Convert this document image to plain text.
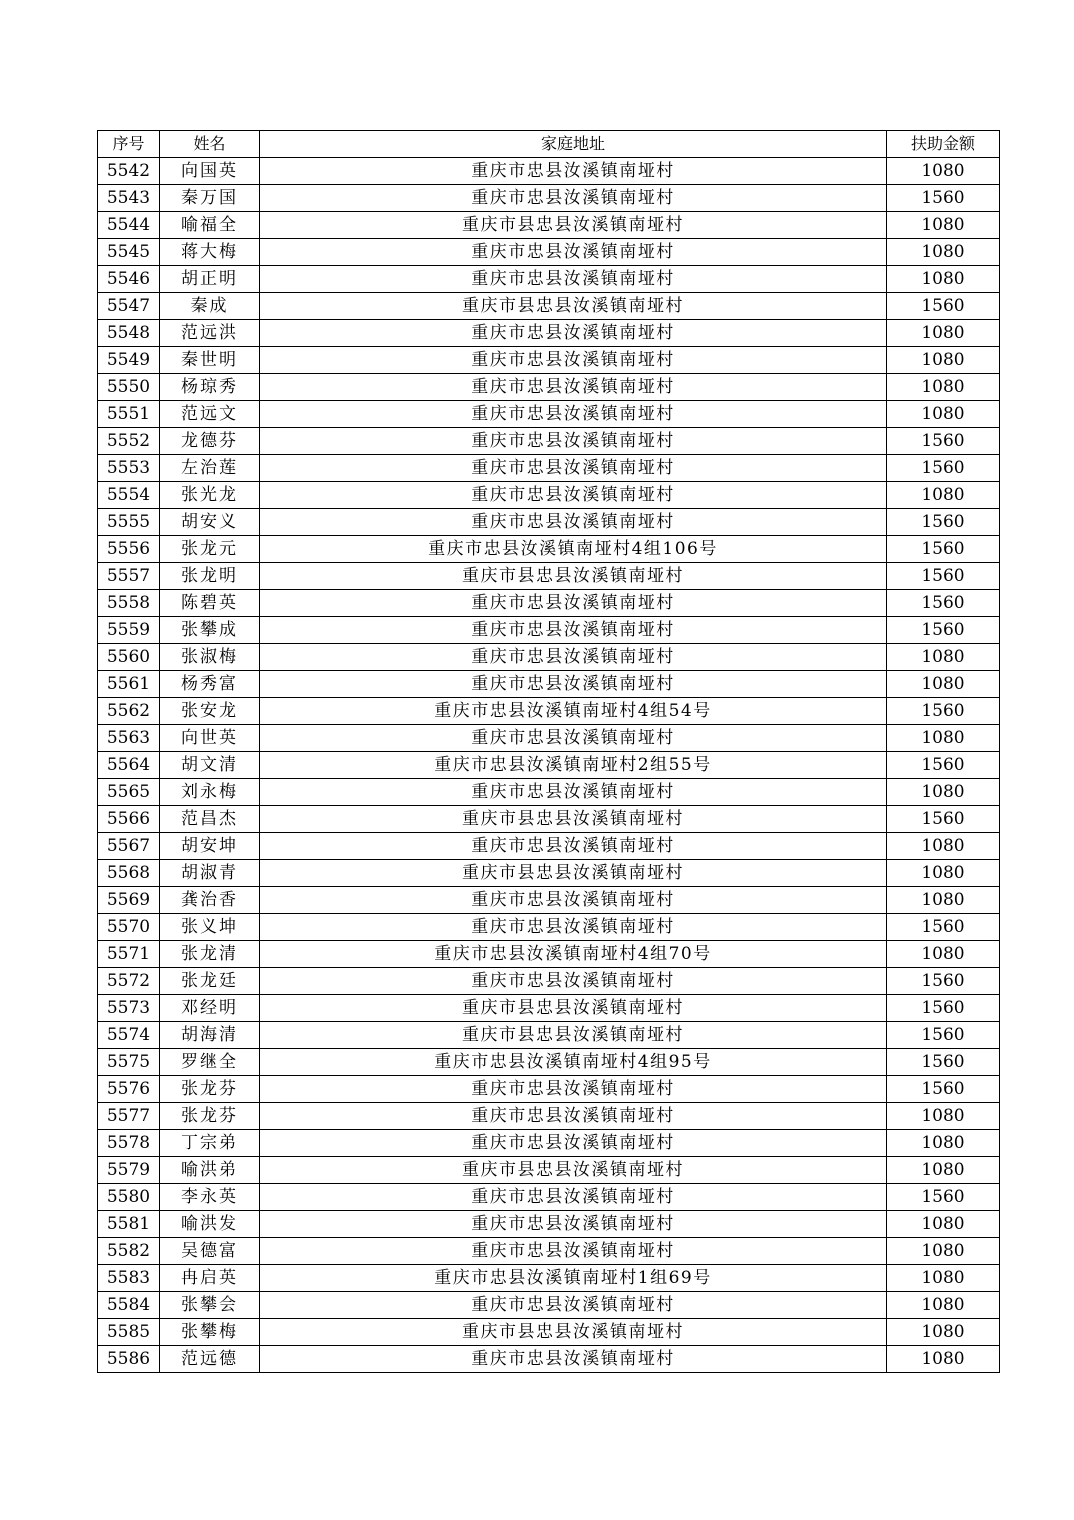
序号	姓名	家庭地址	扶助金额
5542	向国英	重庆市忠县汝溪镇南垭村	1080
5543	秦万国	重庆市忠县汝溪镇南垭村	1560
5544	喻福全	重庆市县忠县汝溪镇南垭村	1080
5545	蒋大梅	重庆市忠县汝溪镇南垭村	1080
5546	胡正明	重庆市忠县汝溪镇南垭村	1080
5547	秦成	重庆市县忠县汝溪镇南垭村	1560
5548	范远洪	重庆市忠县汝溪镇南垭村	1080
5549	秦世明	重庆市忠县汝溪镇南垭村	1080
5550	杨琼秀	重庆市忠县汝溪镇南垭村	1080
5551	范远文	重庆市忠县汝溪镇南垭村	1080
5552	龙德芬	重庆市忠县汝溪镇南垭村	1560
5553	左治莲	重庆市忠县汝溪镇南垭村	1560
5554	张光龙	重庆市忠县汝溪镇南垭村	1080
5555	胡安义	重庆市忠县汝溪镇南垭村	1560
5556	张龙元	重庆市忠县汝溪镇南垭村4组106号	1560
5557	张龙明	重庆市县忠县汝溪镇南垭村	1560
5558	陈碧英	重庆市忠县汝溪镇南垭村	1560
5559	张攀成	重庆市忠县汝溪镇南垭村	1560
5560	张淑梅	重庆市忠县汝溪镇南垭村	1080
5561	杨秀富	重庆市忠县汝溪镇南垭村	1080
5562	张安龙	重庆市忠县汝溪镇南垭村4组54号	1560
5563	向世英	重庆市忠县汝溪镇南垭村	1080
5564	胡文清	重庆市忠县汝溪镇南垭村2组55号	1560
5565	刘永梅	重庆市忠县汝溪镇南垭村	1080
5566	范昌杰	重庆市县忠县汝溪镇南垭村	1560
5567	胡安坤	重庆市忠县汝溪镇南垭村	1080
5568	胡淑青	重庆市县忠县汝溪镇南垭村	1080
5569	龚治香	重庆市忠县汝溪镇南垭村	1080
5570	张义坤	重庆市忠县汝溪镇南垭村	1560
5571	张龙清	重庆市忠县汝溪镇南垭村4组70号	1080
5572	张龙廷	重庆市忠县汝溪镇南垭村	1560
5573	邓经明	重庆市县忠县汝溪镇南垭村	1560
5574	胡海清	重庆市县忠县汝溪镇南垭村	1560
5575	罗继全	重庆市忠县汝溪镇南垭村4组95号	1560
5576	张龙芬	重庆市忠县汝溪镇南垭村	1560
5577	张龙芬	重庆市忠县汝溪镇南垭村	1080
5578	丁宗弟	重庆市忠县汝溪镇南垭村	1080
5579	喻洪弟	重庆市县忠县汝溪镇南垭村	1080
5580	李永英	重庆市忠县汝溪镇南垭村	1560
5581	喻洪发	重庆市忠县汝溪镇南垭村	1080
5582	吴德富	重庆市忠县汝溪镇南垭村	1080
5583	冉启英	重庆市忠县汝溪镇南垭村1组69号	1080
5584	张攀会	重庆市忠县汝溪镇南垭村	1080
5585	张攀梅	重庆市县忠县汝溪镇南垭村	1080
5586	范远德	重庆市忠县汝溪镇南垭村	1080
